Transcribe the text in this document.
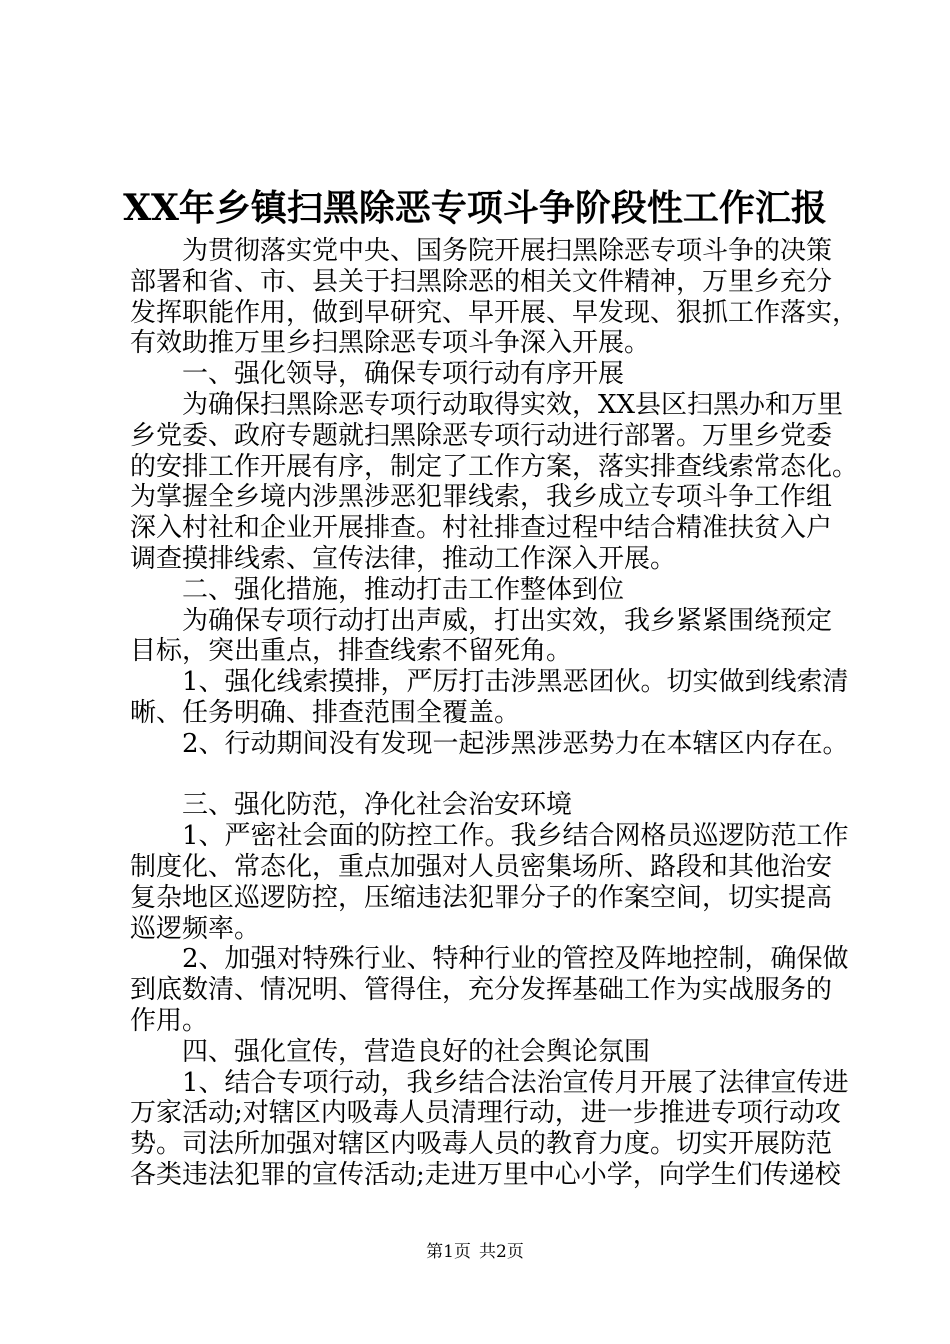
XX年乡镇扫黑除恶专项斗争阶段性工作汇报
为贯彻落实党中央、国务院开展扫黑除恶专项斗争的决策
部署和省、市、县关于扫黑除恶的相关文件精神，万里乡充分
发挥职能作用，做到早研究、早开展、早发现、狠抓工作落实，
有效助推万里乡扫黑除恶专项斗争深入开展。
一、强化领导，确保专项行动有序开展
为确保扫黑除恶专项行动取得实效，XX县区扫黑办和万里
乡党委、政府专题就扫黑除恶专项行动进行部署。万里乡党委
的安排工作开展有序，制定了工作方案，落实排查线索常态化。
为掌握全乡境内涉黑涉恶犯罪线索，我乡成立专项斗争工作组
深入村社和企业开展排查。村社排查过程中结合精准扶贫入户
调查摸排线索、宣传法律，推动工作深入开展。
二、强化措施，推动打击工作整体到位
为确保专项行动打出声威，打出实效，我乡紧紧围绕预定
目标，突出重点，排查线索不留死角。
1、强化线索摸排，严厉打击涉黑恶团伙。切实做到线索清
晰、任务明确、排查范围全覆盖。
2、行动期间没有发现一起涉黑涉恶势力在本辖区内存在。
三、强化防范，净化社会治安环境
1、严密社会面的防控工作。我乡结合网格员巡逻防范工作
制度化、常态化，重点加强对人员密集场所、路段和其他治安
复杂地区巡逻防控，压缩违法犯罪分子的作案空间，切实提高
巡逻频率。
2、加强对特殊行业、特种行业的管控及阵地控制，确保做
到底数清、情况明、管得住，充分发挥基础工作为实战服务的
作用。
四、强化宣传，营造良好的社会舆论氛围
1、结合专项行动，我乡结合法治宣传月开展了法律宣传进
万家活动;对辖区内吸毒人员清理行动，进一步推进专项行动攻
势。司法所加强对辖区内吸毒人员的教育力度。切实开展防范
各类违法犯罪的宣传活动;走进万里中心小学，向学生们传递校
第1页 共2页
